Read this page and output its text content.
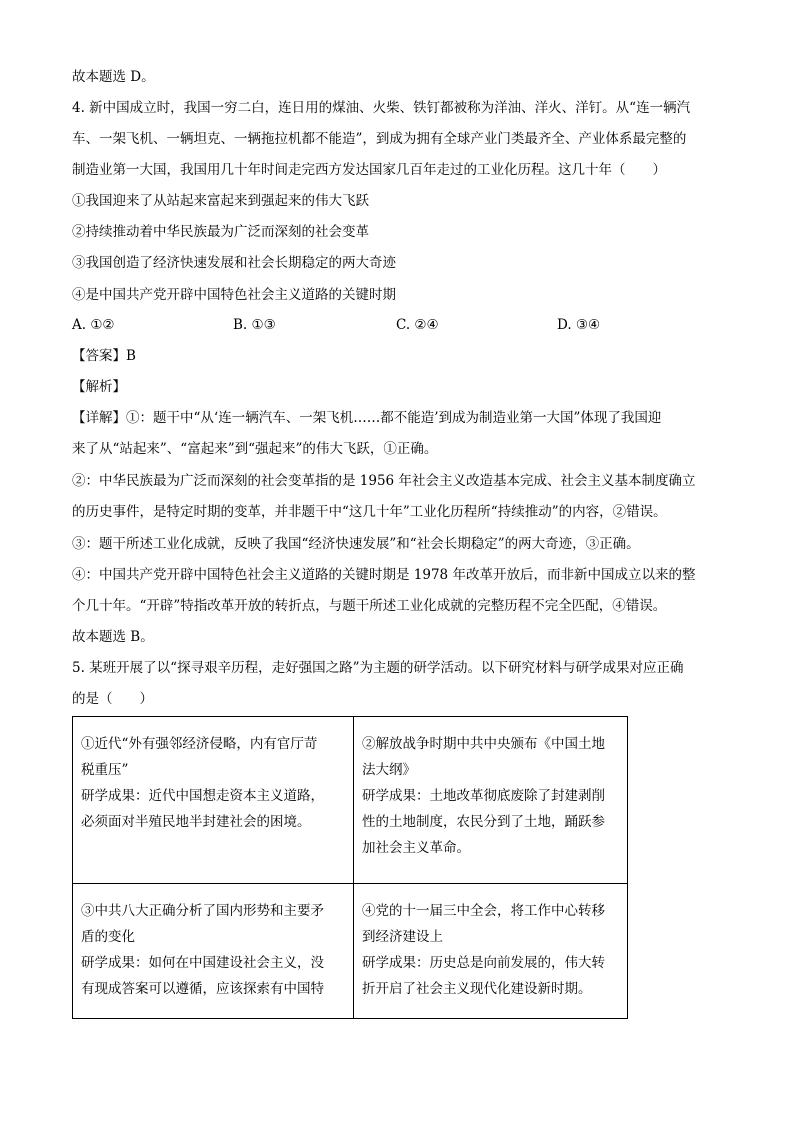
故本题选 D。
4. 新中国成立时，我国一穷二白，连日用的煤油、火柴、铁钉都被称为洋油、洋火、洋钉。从“连一辆汽
车、一架飞机、一辆坦克、一辆拖拉机都不能造”，到成为拥有全球产业门类最齐全、产业体系最完整的
制造业第一大国，我国用几十年时间走完西方发达国家几百年走过的工业化历程。这几十年（　　）
①我国迎来了从站起来富起来到强起来的伟大飞跃
②持续推动着中华民族最为广泛而深刻的社会变革
③我国创造了经济快速发展和社会长期稳定的两大奇迹
④是中国共产党开辟中国特色社会主义道路的关键时期
A. ①②	B. ①③	C. ②④	D. ③④
【答案】B
【解析】
【详解】①：题干中“从‘连一辆汽车、一架飞机……都不能造’到成为制造业第一大国”体现了我国迎
来了从“站起来”、“富起来”到“强起来”的伟大飞跃，①正确。
②：中华民族最为广泛而深刻的社会变革指的是 1956 年社会主义改造基本完成、社会主义基本制度确立
的历史事件，是特定时期的变革，并非题干中“这几十年”工业化历程所“持续推动”的内容，②错误。
③：题干所述工业化成就，反映了我国“经济快速发展”和“社会长期稳定”的两大奇迹，③正确。
④：中国共产党开辟中国特色社会主义道路的关键时期是 1978 年改革开放后，而非新中国成立以来的整
个几十年。“开辟”特指改革开放的转折点，与题干所述工业化成就的完整历程不完全匹配，④错误。
故本题选 B。
5. 某班开展了以“探寻艰辛历程，走好强国之路”为主题的研学活动。以下研究材料与研学成果对应正确
的是（　　）
①近代“外有强邻经济侵略，内有官厅苛
税重压”
研学成果：近代中国想走资本主义道路，
必须面对半殖民地半封建社会的困境。	②解放战争时期中共中央颁布《中国土地
法大纲》
研学成果：土地改革彻底废除了封建剥削
性的土地制度，农民分到了土地，踊跃参
加社会主义革命。

③中共八大正确分析了国内形势和主要矛
盾的变化
研学成果：如何在中国建设社会主义，没
有现成答案可以遵循，应该探索有中国特	④党的十一届三中全会，将工作中心转移
到经济建设上
研学成果：历史总是向前发展的，伟大转
折开启了社会主义现代化建设新时期。
